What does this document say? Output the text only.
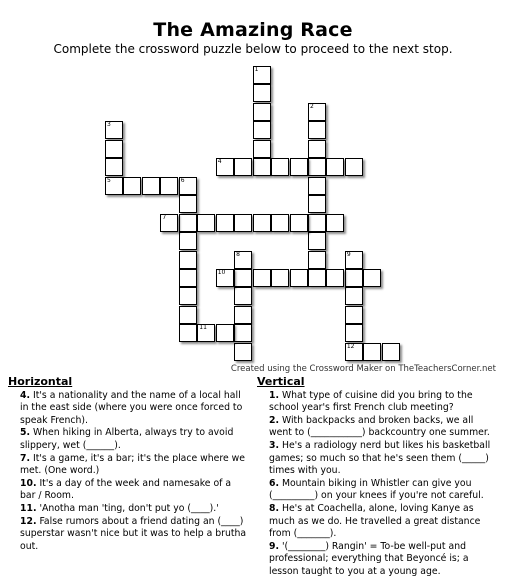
The Amazing Race
Complete the crossword puzzle below to proceed to the next stop.
1
2
3
5
4
6
7
8	9
12
10
11
Created using the Crossword Maker on TheTeachersCorner.net
Horizontal

4. It's a nationality and the name of a local hall in the east side (where you were once forced to speak French).

5. When hiking in Alberta, always try to avoid slippery, wet (______).

7. It's a game, it's a bar; it's the place where we met. (One word.)

10. It's a day of the week and namesake of a bar / Room.

11. 'Anotha man 'ting, don't put yo (____).'

12. False rumors about a friend dating an (____) superstar wasn't nice but it was to help a brutha out.

Vertical

1. What type of cuisine did you bring to the school year's first French club meeting?

2. With backpacks and broken backs, we all went to (___________) backcountry one summer.

3. He's a radiology nerd but likes his basketball games; so much so that he's seen them (_____) times with you.

6. Mountain biking in Whistler can give you (_________) on your knees if you're not careful.

8. He's at Coachella, alone, loving Kanye as much as we do. He travelled a great distance from (_______).

9. '(________) Rangin' = To-be well-put and professional; everything that Beyoncé is; a lesson taught to you at a young age.
